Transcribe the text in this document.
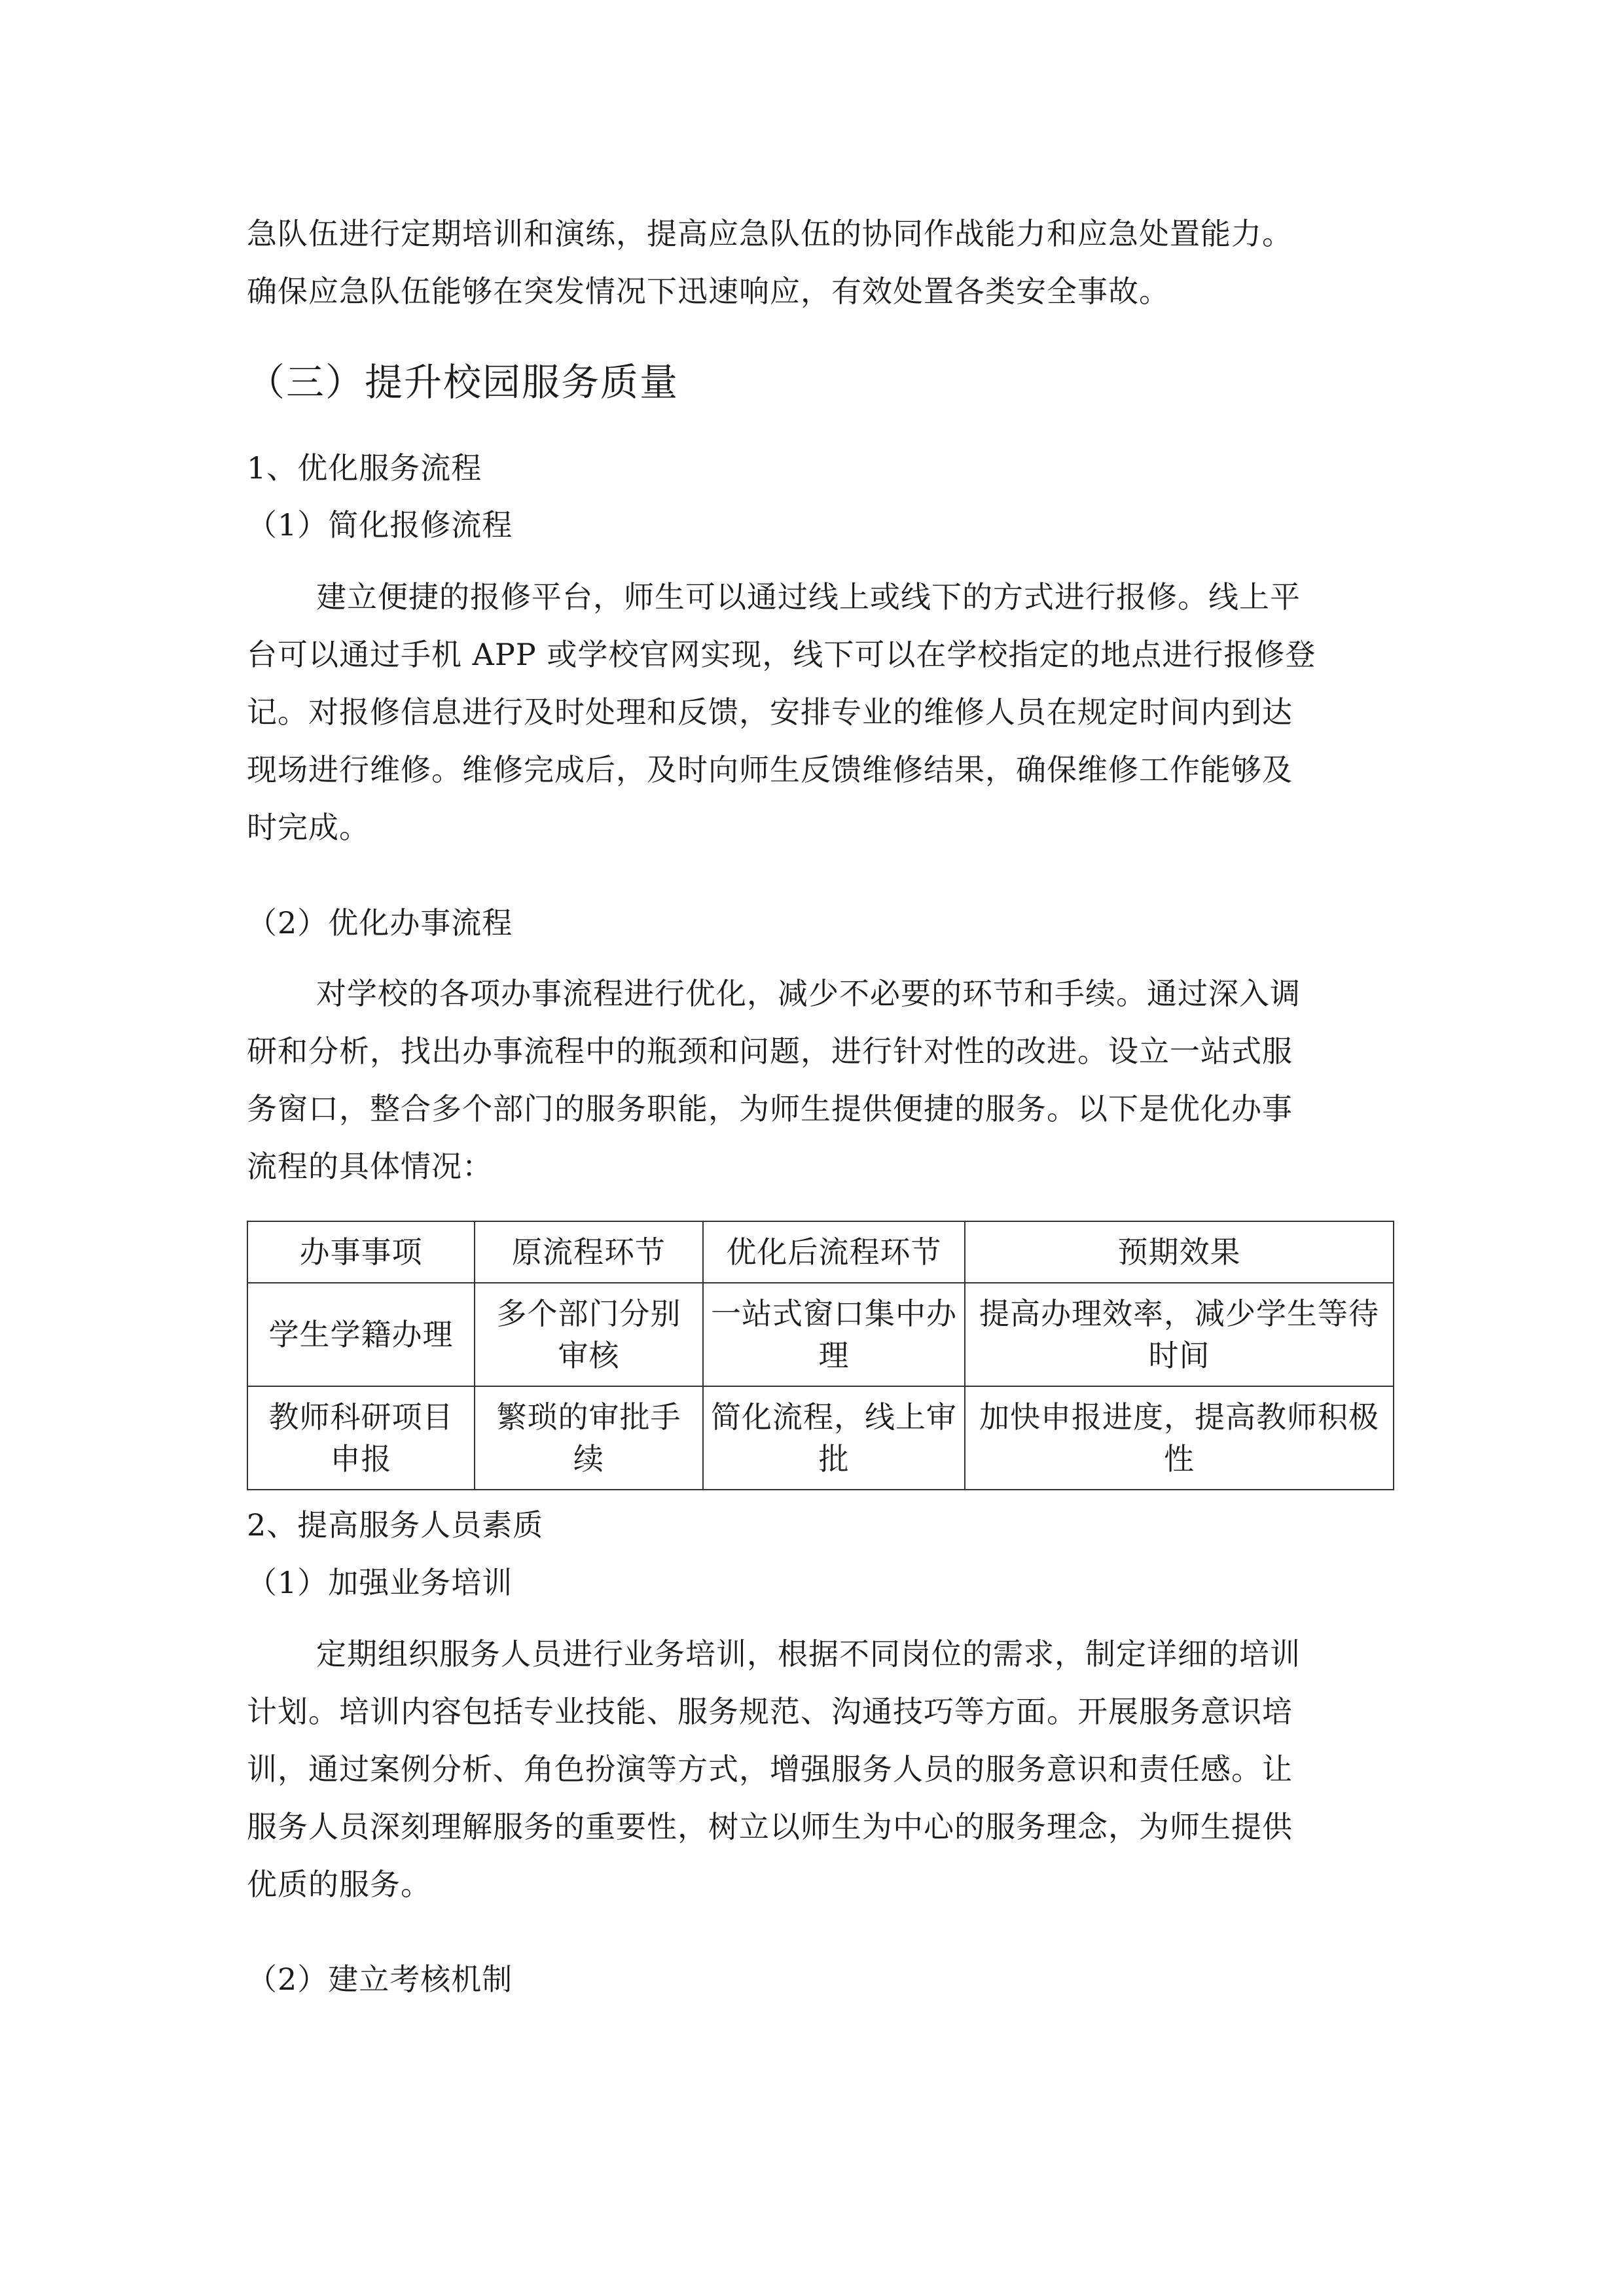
急队伍进行定期培训和演练，提高应急队伍的协同作战能力和应急处置能力。
确保应急队伍能够在突发情况下迅速响应，有效处置各类安全事故。
（三）提升校园服务质量
1、优化服务流程
（1）简化报修流程
建立便捷的报修平台，师生可以通过线上或线下的方式进行报修。线上平
台可以通过手机 APP 或学校官网实现，线下可以在学校指定的地点进行报修登
记。对报修信息进行及时处理和反馈，安排专业的维修人员在规定时间内到达
现场进行维修。维修完成后，及时向师生反馈维修结果，确保维修工作能够及
时完成。
（2）优化办事流程
对学校的各项办事流程进行优化，减少不必要的环节和手续。通过深入调
研和分析，找出办事流程中的瓶颈和问题，进行针对性的改进。设立一站式服
务窗口，整合多个部门的服务职能，为师生提供便捷的服务。以下是优化办事
流程的具体情况：
办事事项	原流程环节	优化后流程环节	预期效果
学生学籍办理	多个部门分别审核	一站式窗口集中办理	提高办理效率，减少学生等待时间
教师科研项目申报	繁琐的审批手续	简化流程，线上审批	加快申报进度，提高教师积极性
2、提高服务人员素质
（1）加强业务培训
定期组织服务人员进行业务培训，根据不同岗位的需求，制定详细的培训
计划。培训内容包括专业技能、服务规范、沟通技巧等方面。开展服务意识培
训，通过案例分析、角色扮演等方式，增强服务人员的服务意识和责任感。让
服务人员深刻理解服务的重要性，树立以师生为中心的服务理念，为师生提供
优质的服务。
（2）建立考核机制
